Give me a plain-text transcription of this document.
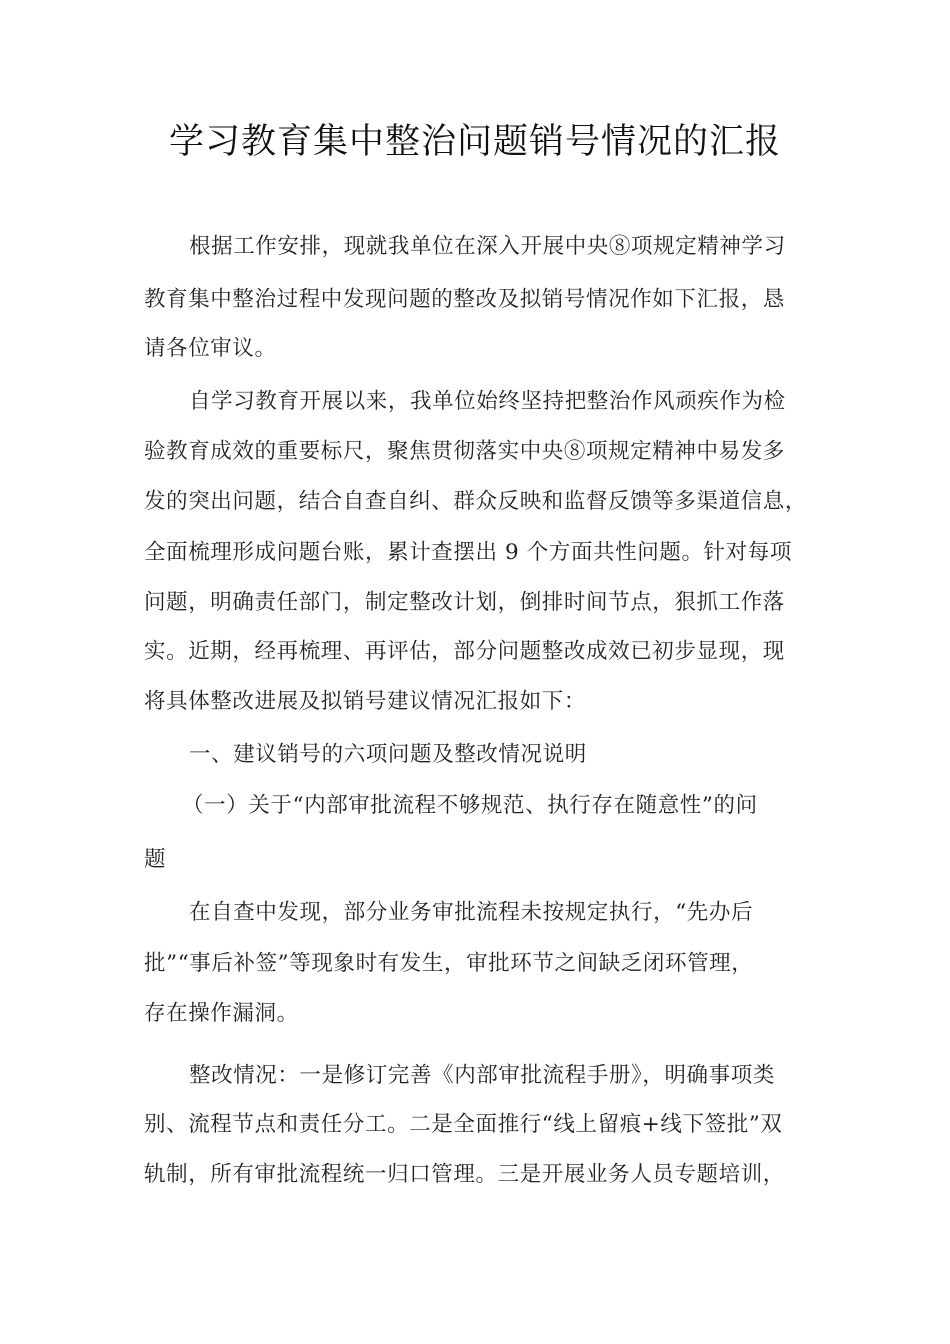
学习教育集中整治问题销号情况的汇报
根据工作安排，现就我单位在深入开展中央⑧项规定精神学习
教育集中整治过程中发现问题的整改及拟销号情况作如下汇报，恳
请各位审议。
自学习教育开展以来，我单位始终坚持把整治作风顽疾作为检
验教育成效的重要标尺，聚焦贯彻落实中央⑧项规定精神中易发多
发的突出问题，结合自查自纠、群众反映和监督反馈等多渠道信息，
全面梳理形成问题台账，累计查摆出 9 个方面共性问题。针对每项
问题，明确责任部门，制定整改计划，倒排时间节点，狠抓工作落
实。近期，经再梳理、再评估，部分问题整改成效已初步显现，现
将具体整改进展及拟销号建议情况汇报如下：
一、建议销号的六项问题及整改情况说明
（一）关于“内部审批流程不够规范、执行存在随意性”的问
题
在自查中发现，部分业务审批流程未按规定执行，“先办后
批”“事后补签”等现象时有发生，审批环节之间缺乏闭环管理，
存在操作漏洞。
整改情况：一是修订完善《内部审批流程手册》，明确事项类
别、流程节点和责任分工。二是全面推行“线上留痕+线下签批”双
轨制，所有审批流程统一归口管理。三是开展业务人员专题培训，
